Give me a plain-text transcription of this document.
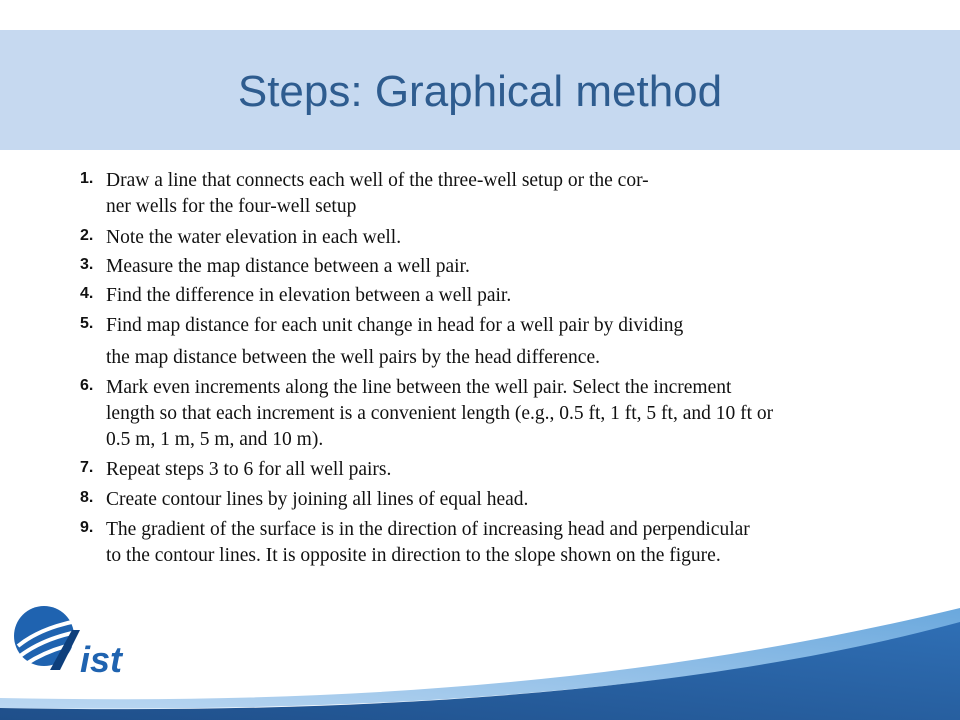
Steps: Graphical method
1. Draw a line that connects each well of the three-well setup or the cor-
ner wells for the four-well setup
2. Note the water elevation in each well.
3. Measure the map distance between a well pair.
4. Find the difference in elevation between a well pair.
5. Find map distance for each unit change in head for a well pair by dividing
the map distance between the well pairs by the head difference.
6. Mark even increments along the line between the well pair. Select the increment
length so that each increment is a convenient length (e.g., 0.5 ft, 1 ft, 5 ft, and 10 ft or
0.5 m, 1 m, 5 m, and 10 m).
7. Repeat steps 3 to 6 for all well pairs.
8. Create contour lines by joining all lines of equal head.
9. The gradient of the surface is in the direction of increasing head and perpendicular
to the contour lines. It is opposite in direction to the slope shown on the figure.
ist
